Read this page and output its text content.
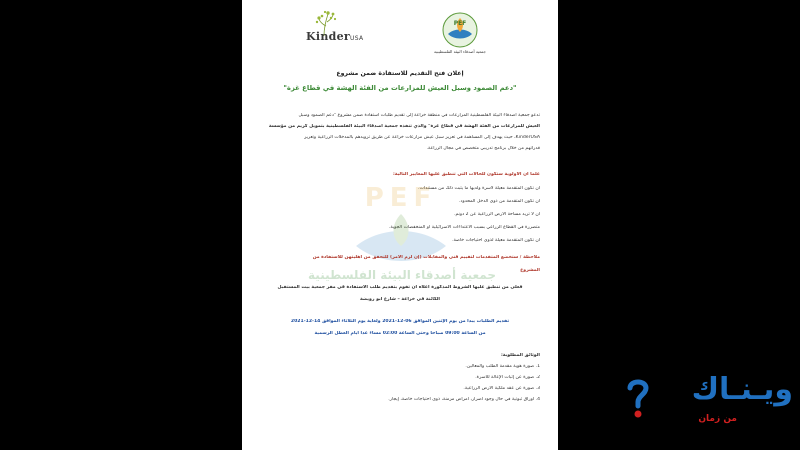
KinderUSA
PEF
جمعية أصدقاء البيئة الفلسطينية
إعلان فتح التقديم للاستفادة ضمن مشروع
"دعم الصمود وسبل العيش للمزارعات من الفئة الهشة في قطاع غزة"
تدعو جمعية أصدقاء البيئة الفلسطينية المزارعات في منطقة خزاعة إلى تقديم طلبات استفادة ضمن مشروع "دعم الصمود وسبل
العيش للمزارعات من الفئة الهشة في قطاع غزة" والذي تنفذه جمعية أصدقاء البيئة الفلسطينية بتمويل كريم من مؤسسة
KinderUSA، حيث يهدف إلى المساهمة في تعزيز سبل عيش مزارعات خزاعة عن طريق تزويدهم بالمدخلات الزراعية وتعزيز
قدراتهم من خلال برنامج تدريبي متخصص في مجال الزراعة.
علماً أن الأولوية ستكون للحالات التي تنطبق عليها المعايير التالية:
أن تكون المتقدمة معيلة لأسرة ولديها ما يثبت ذلك من مستندات.
أن تكون المتقدمة من ذوي الدخل المحدود.
أن لا تزيد مساحة الأرض الزراعية عن 2 دونم.
متضررة في القطاع الزراعي بسبب الاعتداءات الاسرائيلية أو المنخفضات الجوية.
أن تكون المتقدمة معيلة لذوي احتياجات خاصة.
PEF
جمعية أصدقاء البيئة الفلسطينية
ملاحظة / ستخضع المتقدمات لتقييم فني والمقابلات (إن لزم الأمر) للتحقق من أهليتهن للاستفادة من
المشروع
فعلى من تنطبق عليها الشروط المذكورة أعلاه أن تقوم بتقديم طلب الاستفادة في مقر جمعية بيت المستقبل
الكائنة في خزاعة – شارع أبو رويضة
تقديم الطلبات يبدأ من يوم الإثنين الموافق 06-12-2021 ولغاية يوم الثلاثاء الموافق 14-12-2021
من الساعة 09:00 صباحاً وحتى الساعة 02:00 مساءً عدا أيام العطل الرسمية
الوثائق المطلوبة:
1. صورة هوية مقدمة الطلب والمعالين.
2. صورة عن إثبات الإعالة للأسرة.
3. صورة عن عقد ملكية الأرض الزراعية.
4. أوراق ثبوتية في حال وجود أضرار، أمراض مزمنة، ذوي احتياجات خاصة، إيجار.	ويـنـاك
من زمان
